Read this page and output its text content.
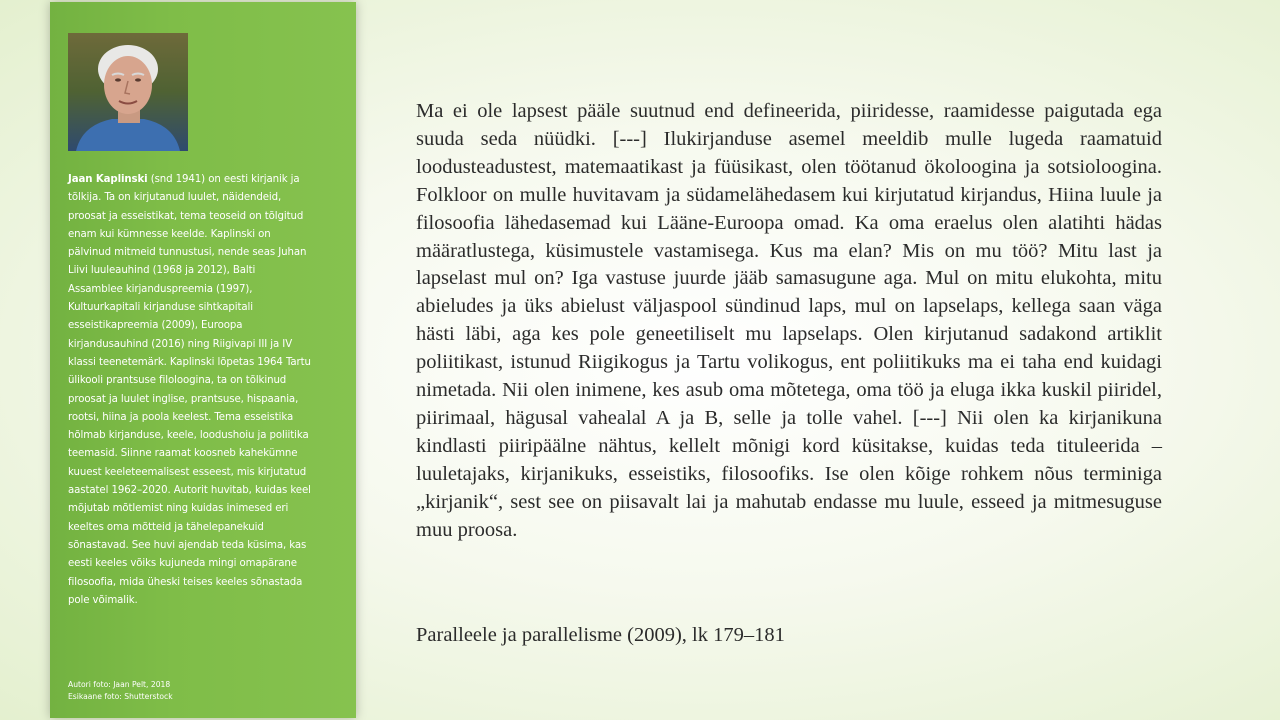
Jaan Kaplinski (snd 1941) on eesti kirjanik ja tõlkija. Ta on kirjutanud luulet, näidendeid, proosat ja esseistikat, tema teoseid on tõlgitud enam kui kümnesse keelde. Kaplinski on pälvinud mitmeid tunnustusi, nende seas Juhan Liivi luuleauhind (1968 ja 2012), Balti Assamblee kirjanduspreemia (1997), Kultuurkapitali kirjanduse sihtkapitali esseistikapreemia (2009), Euroopa kirjandusauhind (2016) ning Riigivapi III ja IV klassi teenetemärk. Kaplinski lõpetas 1964 Tartu ülikooli prantsuse filoloogina, ta on tõlkinud proosat ja luulet inglise, prantsuse, hispaania, rootsi, hiina ja poola keelest. Tema esseistika hõlmab kirjanduse, keele, loodushoiu ja poliitika teemasid. Siinne raamat koosneb kahekümne kuuest keeleteemalisest esseest, mis kirjutatud aastatel 1962–2020. Autorit huvitab, kuidas keel mõjutab mõtlemist ning kuidas inimesed eri keeltes oma mõtteid ja tähelepanekuid sõnastavad. See huvi ajendab teda küsima, kas eesti keeles võiks kujuneda mingi omapärane filosoofia, mida üheski teises keeles sõnastada pole võimalik.

Autori foto: Jaan Pelt, 2018
Esikaane foto: Shutterstock

Ma ei ole lapsest pääle suutnud end defineerida, piiridesse, raamidesse paigutada ega suuda seda nüüdki. [---] Ilukirjanduse asemel meeldib mulle lugeda raamatuid loodusteadustest, matemaatikast ja füüsikast, olen töötanud ökoloogina ja sotsioloogina. Folkloor on mulle huvitavam ja südamelähedasem kui kirjutatud kirjandus, Hiina luule ja filosoofia lähedasemad kui Lääne-Euroopa omad. Ka oma eraelus olen alatihti hädas määratlustega, küsimustele vastamisega. Kus ma elan? Mis on mu töö? Mitu last ja lapselast mul on? Iga vastuse juurde jääb samasugune aga. Mul on mitu elukohta, mitu abieludes ja üks abielust väljaspool sündinud laps, mul on lapselaps, kellega saan väga hästi läbi, aga kes pole geneetiliselt mu lapselaps. Olen kirjutanud sadakond artiklit poliitikast, istunud Riigikogus ja Tartu volikogus, ent poliitikuks ma ei taha end kuidagi nimetada. Nii olen inimene, kes asub oma mõtetega, oma töö ja eluga ikka kuskil piiridel, piirimaal, hägusal vahealal A ja B, selle ja tolle vahel. [---] Nii olen ka kirjanikuna kindlasti piiripäälne nähtus, kellelt mõnigi kord küsitakse, kuidas teda tituleerida – luuletajaks, kirjanikuks, esseistiks, filosoofiks. Ise olen kõige rohkem nõus terminiga „kirjanik“, sest see on piisavalt lai ja mahutab endasse mu luule, esseed ja mitmesuguse muu proosa.

Paralleele ja parallelisme (2009), lk 179–181
